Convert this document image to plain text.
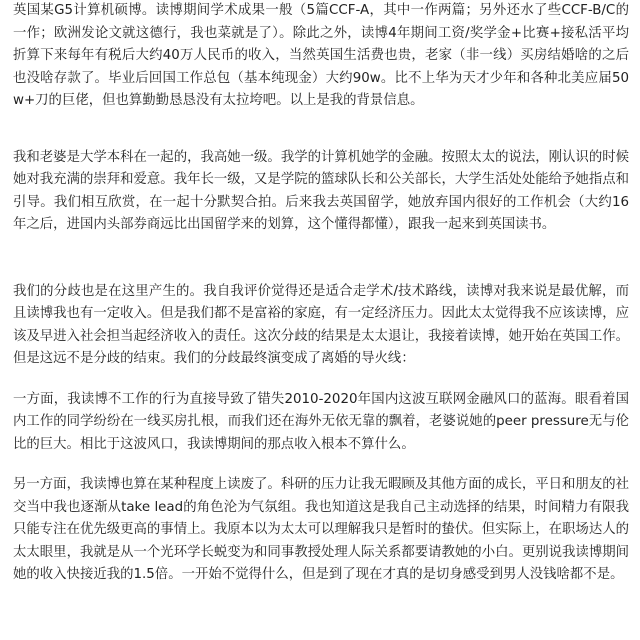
英国某G5计算机硕博。读博期间学术成果一般（5篇CCF-A，其中一作两篇；另外还水了些CCF-B/C的一作；欧洲发论文就这德行，我也菜就是了）。除此之外，读博4年期间工资/奖学金+比赛+接私活平均折算下来每年有税后大约40万人民币的收入，当然英国生活费也贵，老家（非一线）买房结婚啥的之后也没啥存款了。毕业后回国工作总包（基本纯现金）大约90w。比不上华为天才少年和各种北美应届50w+刀的巨佬，但也算勤勤恳恳没有太拉垮吧。以上是我的背景信息。

我和老婆是大学本科在一起的，我高她一级。我学的计算机她学的金融。按照太太的说法，刚认识的时候她对我充满的崇拜和爱意。我年长一级，又是学院的篮球队长和公关部长，大学生活处处能给予她指点和引导。我们相互欣赏，在一起十分默契合拍。后来我去英国留学，她放弃国内很好的工作机会（大约16年之后，进国内头部券商远比出国留学来的划算，这个懂得都懂），跟我一起来到英国读书。

我们的分歧也是在这里产生的。我自我评价觉得还是适合走学术/技术路线，读博对我来说是最优解，而且读博我也有一定收入。但是我们都不是富裕的家庭，有一定经济压力。因此太太觉得我不应该读博，应该及早进入社会担当起经济收入的责任。这次分歧的结果是太太退让，我接着读博，她开始在英国工作。但是这远不是分歧的结束。我们的分歧最终演变成了离婚的导火线：

一方面，我读博不工作的行为直接导致了错失2010-2020年国内这波互联网金融风口的蓝海。眼看着国内工作的同学纷纷在一线买房扎根，而我们还在海外无依无靠的飘着，老婆说她的peer pressure无与伦比的巨大。相比于这波风口，我读博期间的那点收入根本不算什么。

另一方面，我读博也算在某种程度上读废了。科研的压力让我无暇顾及其他方面的成长，平日和朋友的社交当中我也逐渐从take lead的角色沦为气氛组。我也知道这是我自己主动选择的结果，时间精力有限我只能专注在优先级更高的事情上。我原本以为太太可以理解我只是暂时的蛰伏。但实际上，在职场达人的太太眼里，我就是从一个光环学长蜕变为和同事教授处理人际关系都要请教她的小白。更别说我读博期间她的收入快接近我的1.5倍。一开始不觉得什么，但是到了现在才真的是切身感受到男人没钱啥都不是。
